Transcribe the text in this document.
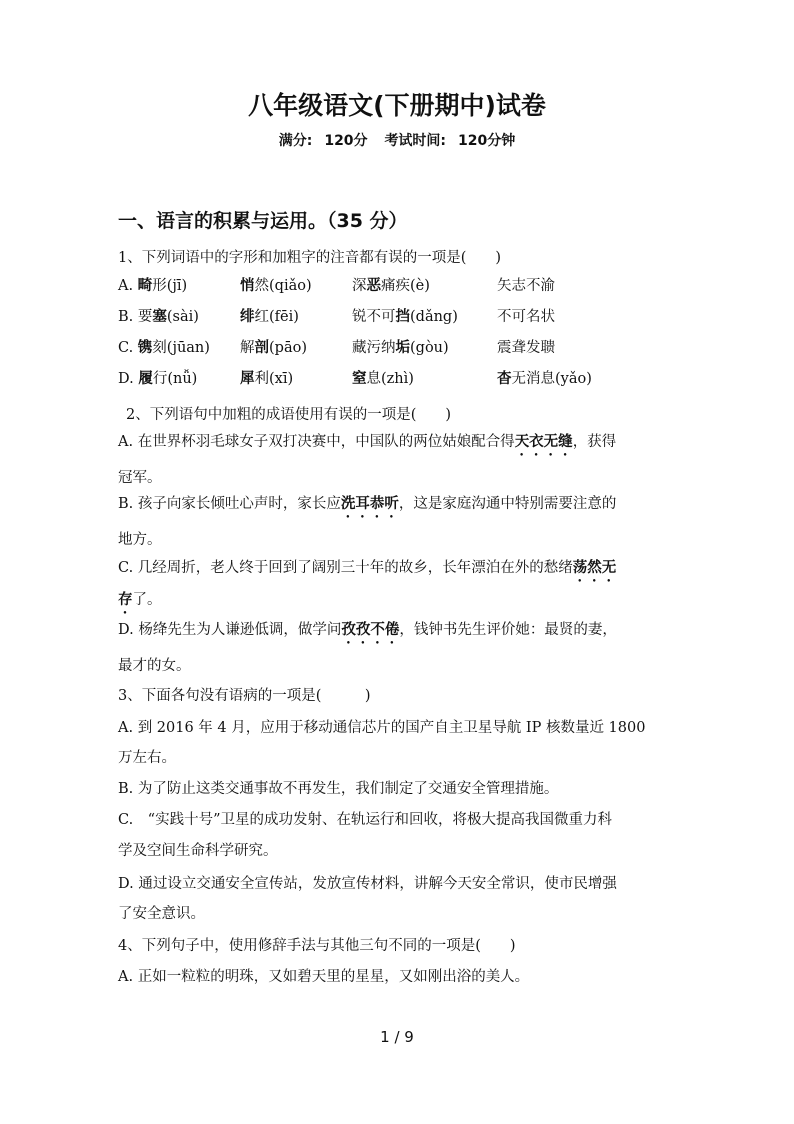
八年级语文(下册期中)试卷
满分: 120分 考试时间: 120分钟
一、语言的积累与运用。（35 分）
1、下列词语中的字形和加粗字的注音都有误的一项是(　　)
A. 畸形(jī)	悄然(qiǎo)	深恶痛疾(è)	矢志不渝
B. 要塞(sài)	绯红(fēi)	锐不可挡(dǎng)	不可名状
C. 镌刻(jūan) 解剖(pāo)	藏污纳垢(gòu)	震聋发聩
D. 履行(nǚ)	犀利(xī)	窒息(zhì)	杳无消息(yǎo)
2、下列语句中加粗的成语使用有误的一项是(　　)
A. 在世界杯羽毛球女子双打决赛中，中国队的两位姑娘配合得天衣无缝，获得
冠军。
B. 孩子向家长倾吐心声时，家长应洗耳恭听，这是家庭沟通中特别需要注意的
地方。
C. 几经周折，老人终于回到了阔别三十年的故乡，长年漂泊在外的愁绪荡然无
存了。
D. 杨绛先生为人谦逊低调，做学问孜孜不倦，钱钟书先生评价她：最贤的妻，
最才的女。
3、下面各句没有语病的一项是(　　　)
A. 到 2016 年 4 月，应用于移动通信芯片的国产自主卫星导航 IP 核数量近 1800
万左右。
B. 为了防止这类交通事故不再发生，我们制定了交通安全管理措施。
C.　“实践十号”卫星的成功发射、在轨运行和回收，将极大提高我国微重力科
学及空间生命科学研究。
D. 通过设立交通安全宣传站，发放宣传材料，讲解今天安全常识，使市民增强
了安全意识。
4、下列句子中，使用修辞手法与其他三句不同的一项是(　　)
A. 正如一粒粒的明珠，又如碧天里的星星，又如刚出浴的美人。
1 / 9
